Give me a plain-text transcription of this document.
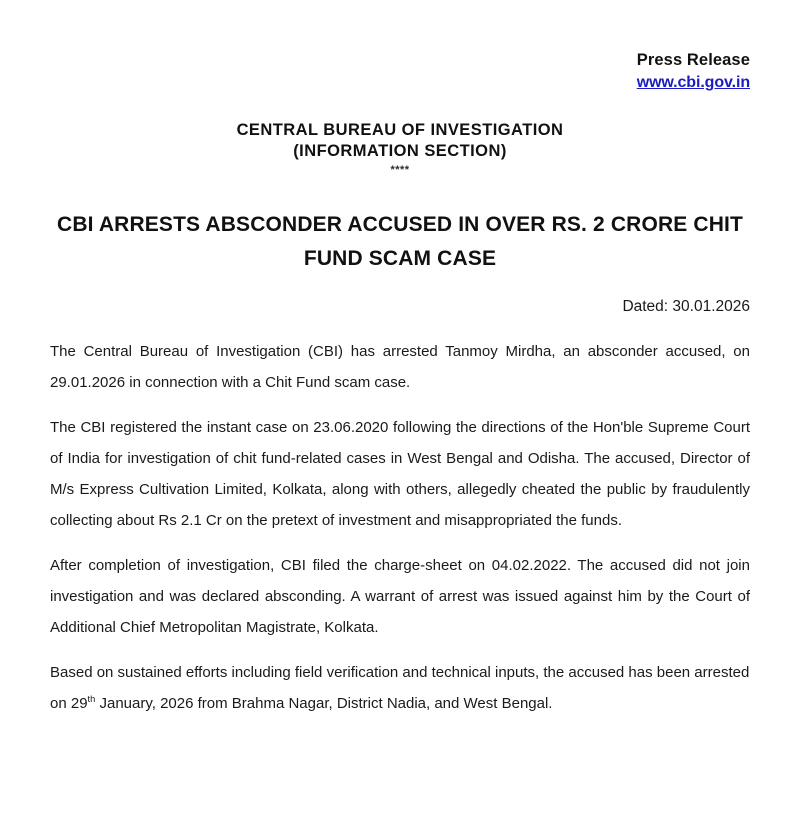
Press Release
www.cbi.gov.in
CENTRAL BUREAU OF INVESTIGATION
(INFORMATION SECTION)
****
CBI ARRESTS ABSCONDER ACCUSED IN OVER RS. 2 CRORE CHIT FUND SCAM CASE
Dated: 30.01.2026

The Central Bureau of Investigation (CBI) has arrested Tanmoy Mirdha, an absconder accused, on 29.01.2026 in connection with a Chit Fund scam case.

The CBI registered the instant case on 23.06.2020 following the directions of the Hon'ble Supreme Court of India for investigation of chit fund-related cases in West Bengal and Odisha. The accused, Director of M/s Express Cultivation Limited, Kolkata, along with others, allegedly cheated the public by fraudulently collecting about Rs 2.1 Cr on the pretext of investment and misappropriated the funds.

After completion of investigation, CBI filed the charge-sheet on 04.02.2022. The accused did not join investigation and was declared absconding. A warrant of arrest was issued against him by the Court of Additional Chief Metropolitan Magistrate, Kolkata.

Based on sustained efforts including field verification and technical inputs, the accused has been arrested on 29th January, 2026 from Brahma Nagar, District Nadia, and West Bengal.
